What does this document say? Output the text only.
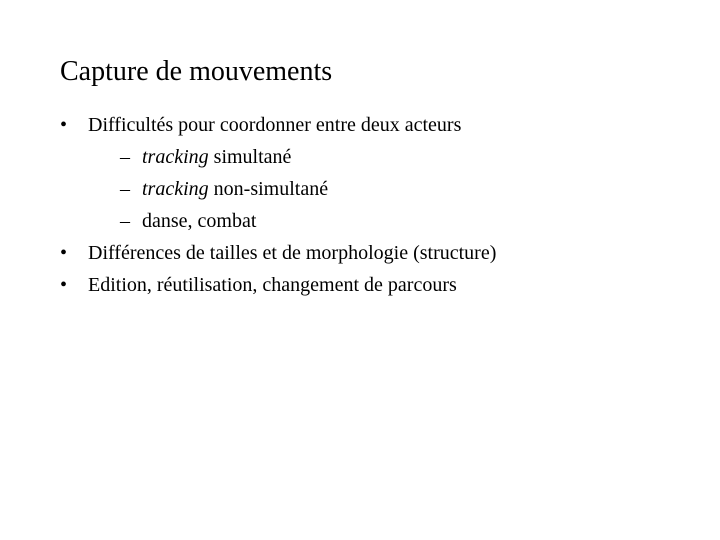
Capture de mouvements
• Difficultés pour coordonner entre deux acteurs
– tracking simultané
– tracking non-simultané
– danse, combat
• Différences de tailles et de morphologie (structure)
• Edition, réutilisation, changement de parcours
